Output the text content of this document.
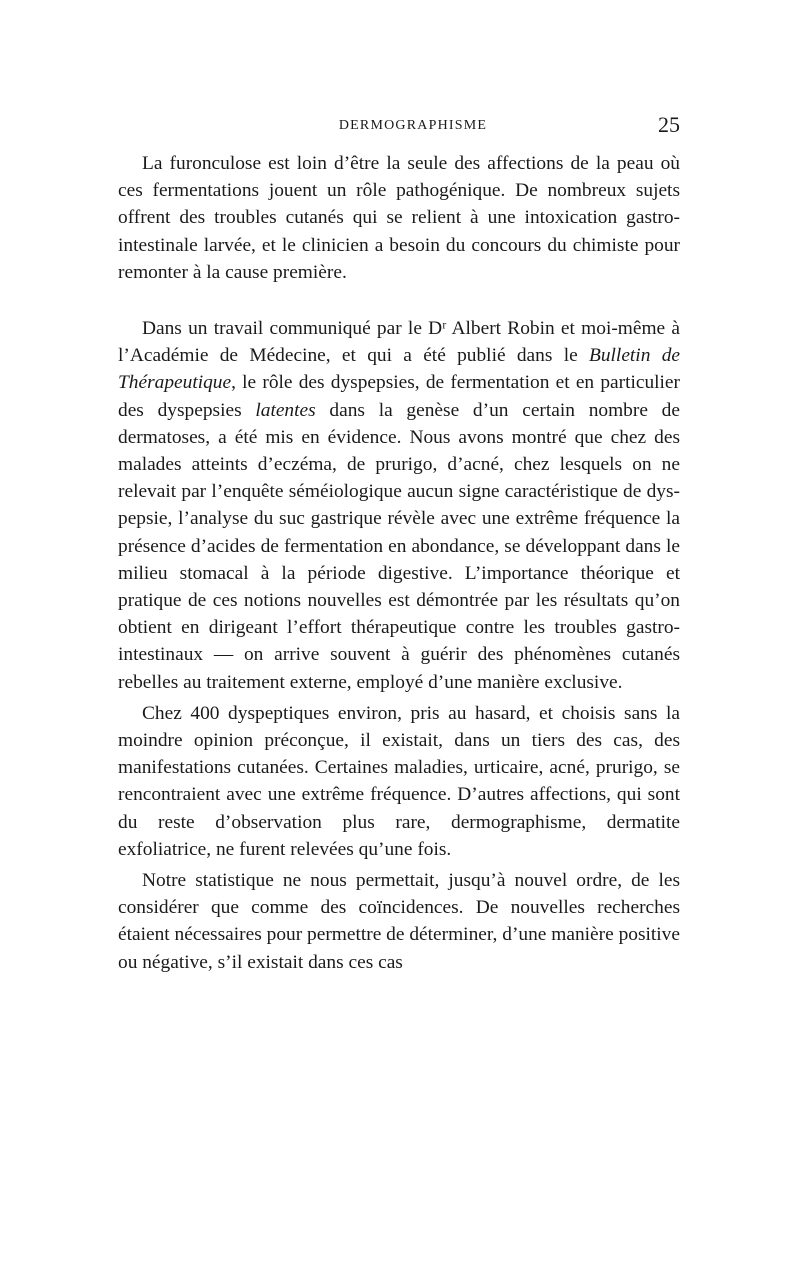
DERMOGRAPHISME	25

La furonculose est loin d’être la seule des affections de la peau où ces fermentations jouent un rôle pathogénique. De nombreux sujets offrent des troubles cutanés qui se relient à une intoxication gastro-intestinale larvée, et le clinicien a besoin du concours du chimiste pour remonter à la cause première.

Dans un travail communiqué par le Dʳ Albert Robin et moi-même à l’Académie de Médecine, et qui a été publié dans le Bulletin de Thérapeutique, le rôle des dyspepsies, de fermentation et en particulier des dyspepsies latentes dans la genèse d’un certain nombre de dermatoses, a été mis en évidence. Nous avons montré que chez des malades atteints d’eczéma, de prurigo, d’acné, chez lesquels on ne relevait par l’enquête séméiologique aucun signe caractéristique de dyspepsie, l’analyse du suc gastrique révèle avec une extrême fréquence la présence d’acides de fermentation en abondance, se développant dans le milieu stomacal à la période digestive. L’importance théorique et pratique de ces notions nouvelles est démontrée par les résultats qu’on obtient en dirigeant l’effort thérapeutique contre les troubles gastro-intestinaux — on arrive souvent à guérir des phénomènes cutanés rebelles au traitement externe, employé d’une manière exclusive.

Chez 400 dyspeptiques environ, pris au hasard, et choisis sans la moindre opinion préconçue, il existait, dans un tiers des cas, des manifestations cutanées. Certaines maladies, urticaire, acné, prurigo, se rencontraient avec une extrême fréquence. D’autres affections, qui sont du reste d’observation plus rare, dermographisme, dermatite exfoliatrice, ne furent relevées qu’une fois.

Notre statistique ne nous permettait, jusqu’à nouvel ordre, de les considérer que comme des coïncidences. De nouvelles recherches étaient nécessaires pour permettre de déterminer, d’une manière positive ou négative, s’il existait dans ces cas
